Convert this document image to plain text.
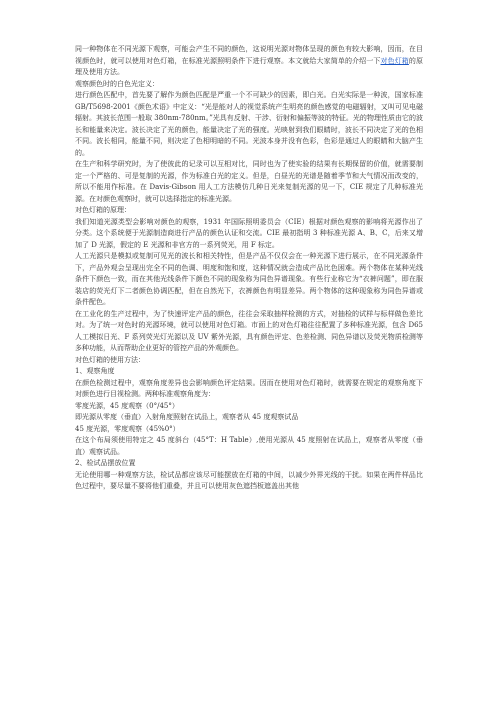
同一种物体在不同光源下观察，可能会产生不同的颜色，这说明光源对物体呈现的颜色有较大影响，因而，在目视颜色时，就可以使用对色灯箱，在标准光源照明条件下进行观察。本文就给大家简单的介绍一下对色灯箱的原理及使用方法。

观察颜色时的白色光定义：

进行颜色匹配中，首先要了解作为颜色匹配是严重一个不可缺少的因素，即白光。白光实际是一种波，国家标准 GB/T5698-2001《颜色术语》中定义：“光是能对人的视觉系统产生明亮的颜色感觉的电磁辐射，又叫可见电磁辐射。其波长范围一般取 380nm-780nm。”光具有反射、干涉、衍射和偏振等波的特征。光的物理性质由它的波长和能量来决定。波长决定了光的颜色，能量决定了光的强度。光映射到我们眼睛时，波长不同决定了光的色相不同。波长相同，能量不同，则决定了色相明暗的不同。光波本身并没有色彩，色彩是通过人的眼睛和大脑产生的。

在生产和科学研究时，为了使彼此的记录可以互相对比，同时也为了使实验的结果有长期保留的价值，就需要制定一个严格的、可是复制的光源，作为标准白光的定义。但是，白昼光的光谱是随着季节和大气情况而改变的，所以不能用作标准。在 Davis-Gibson 用人工方法模仿几种日光来复制光源的见一下，CIE 规定了几种标准光源。在对颜色观察时，就可以选择指定的标准光源。

对色灯箱的原理：

我们知道光源类型会影响对颜色的观察，1931 年国际照明委员会（CIE）根据对颜色观察的影响将光源作出了分类。这个系统便于光源制造商进行产品的颜色认证和交流。CIE 最初指明 3 种标准光源 A、B、C，后来又增加了 D 光源，假定的 E 光源和非官方的一系列荧光，用 F 标定。

人工光源只是模拟或复制可见光的波长和相关特性，但是产品不仅仅会在一种光源下进行展示，在不同光源条件下，产品外观会呈现出完全不同的色调、明度和饱和度，这种情况就会造成产品比色困难。两个物体在某种光线条件下颜色一致，而在其他光线条件下颜色不同的现象称为同色异谱现象。有些行业称它为“衣裤问题”，即在服装店的荧光灯下二者颜色协调匹配，但在自然光下，衣裤颜色有明显差异。两个物体的这种现象称为同色异谱或条件配色。

在工业化的生产过程中，为了快速评定产品的颜色，往往会采取抽样检测的方式，对抽检的试样与标样做色差比对。为了统一对色时的光源环境，就可以使用对色灯箱。市面上的对色灯箱往往配置了多种标准光源，包含 D65 人工模拟日光、F 系列荧光灯光源以及 UV 紫外光源，具有颜色评定、色差检测、同色异谱以及荧光物质检测等多种功能，从而帮助企业更好的管控产品的外观颜色。

对色灯箱的使用方法：

1、观察角度

在颜色检测过程中，观察角度差异也会影响颜色评定结果。因而在使用对色灯箱时，就需要在规定的观察角度下对颜色进行目视检测。两种标准观察角度为：

零度光源，45 度观察（0°/45°）

即光源从零度（垂直）入射角度照射在试品上，观察者从 45 度观察试品

45 度光源，零度观察（45%0°）

在这个布局须使用特定之 45 度斜台（45°T：H Table）,使用光源从 45 度照射在试品上，观察者从零度（垂直）观察试品。

2、检试品摆放位置

无论使用哪一种观察方法，检试品都应该尽可能摆放在灯箱的中间，以减少外界光线的干扰。如果在两件样品比色过程中，要尽量不要将他们重叠，并且可以使用灰色遮挡板遮盖出其他
